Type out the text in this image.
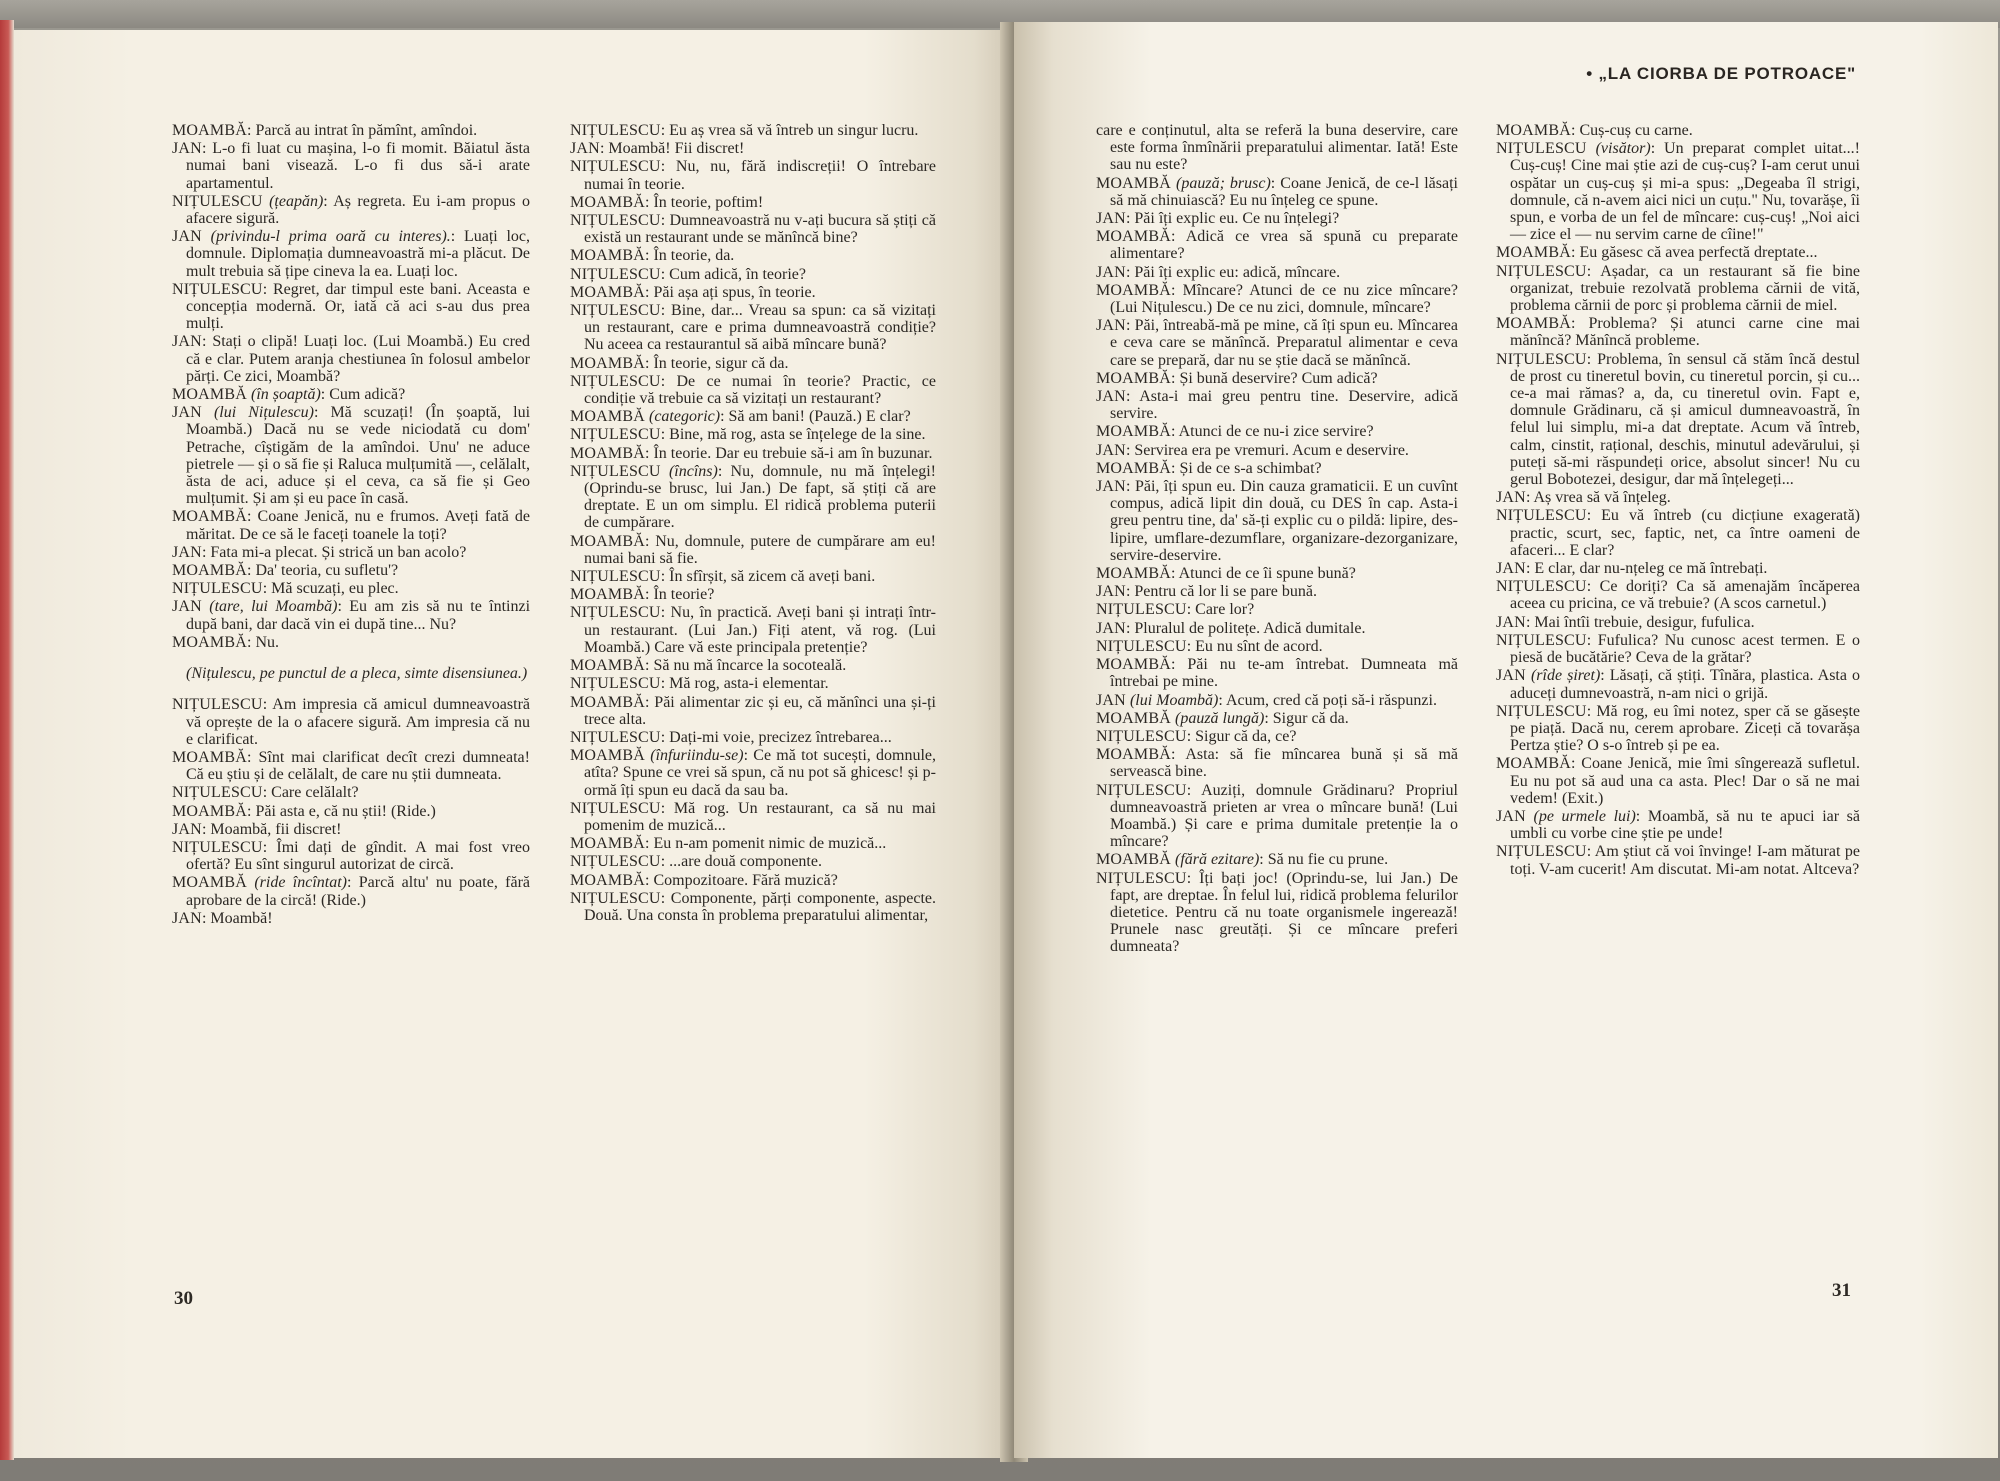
MOAMBĂ: Parcă au intrat în pămînt, amîndoi.

JAN: L-o fi luat cu mașina, l-o fi momit. Băiatul ăsta numai bani visează. L-o fi dus să-i arate apartamentul.

NIȚULESCU (țeapăn): Aș regreta. Eu i-am propus o afacere sigură.

JAN (privindu-l prima oară cu interes).: Luați loc, domnule. Diplomația dumneavoastră mi-a plăcut. De mult trebuia să țipe cineva la ea. Luați loc.

NIȚULESCU: Regret, dar timpul este bani. Aceasta e concepția modernă. Or, iată că aci s-au dus prea mulți.

JAN: Stați o clipă! Luați loc. (Lui Moambă.) Eu cred că e clar. Putem aranja chestiunea în folosul ambelor părți. Ce zici, Moambă?

MOAMBĂ (în șoaptă): Cum adică?

JAN (lui Nițulescu): Mă scuzați! (În șoaptă, lui Moambă.) Dacă nu se vede niciodată cu dom' Petrache, cîștigăm de la amîndoi. Unu' ne aduce pietrele — și o să fie și Raluca mulțumită —, celălalt, ăsta de aci, aduce și el ceva, ca să fie și Geo mulțumit. Și am și eu pace în casă.

MOAMBĂ: Coane Jenică, nu e frumos. Aveți fată de măritat. De ce să le faceți toanele la toți?

JAN: Fata mi-a plecat. Și strică un ban acolo?

MOAMBĂ: Da' teoria, cu sufletu'?

NIȚULESCU: Mă scuzați, eu plec.

JAN (tare, lui Moambă): Eu am zis să nu te întinzi după bani, dar dacă vin ei după tine... Nu?

MOAMBĂ: Nu.

(Nițulescu, pe punctul de a pleca, simte disensiunea.)

NIȚULESCU: Am impresia că amicul dumneavoastră vă oprește de la o afacere sigură. Am impresia că nu e clarificat.

MOAMBĂ: Sînt mai clarificat decît crezi dumneata! Că eu știu și de celălalt, de care nu știi dumneata.

NIȚULESCU: Care celălalt?

MOAMBĂ: Păi asta e, că nu știi! (Ride.)

JAN: Moambă, fii discret!

NIȚULESCU: Îmi dați de gîndit. A mai fost vreo ofertă? Eu sînt singurul autorizat de circă.

MOAMBĂ (ride încîntat): Parcă altu' nu poate, fără aprobare de la circă! (Ride.)

JAN: Moambă!

NIȚULESCU: Eu aș vrea să vă întreb un singur lucru.

JAN: Moambă! Fii discret!

NIȚULESCU: Nu, nu, fără indiscreții! O întrebare numai în teorie.

MOAMBĂ: În teorie, poftim!

NIȚULESCU: Dumneavoastră nu v-ați bucura să știți că există un restaurant unde se mănîncă bine?

MOAMBĂ: În teorie, da.

NIȚULESCU: Cum adică, în teorie?

MOAMBĂ: Păi așa ați spus, în teorie.

NIȚULESCU: Bine, dar... Vreau sa spun: ca să vizitați un restaurant, care e prima dumneavoastră condiție? Nu aceea ca restaurantul să aibă mîncare bună?

MOAMBĂ: În teorie, sigur că da.

NIȚULESCU: De ce numai în teorie? Practic, ce condiție vă trebuie ca să vizitați un restaurant?

MOAMBĂ (categoric): Să am bani! (Pauză.) E clar?

NIȚULESCU: Bine, mă rog, asta se înțelege de la sine.

MOAMBĂ: În teorie. Dar eu trebuie să-i am în buzunar.

NIȚULESCU (încîns): Nu, domnule, nu mă înțelegi! (Oprindu-se brusc, lui Jan.) De fapt, să știți că are dreptate. E un om simplu. El ridică problema puterii de cumpărare.

MOAMBĂ: Nu, domnule, putere de cumpărare am eu! numai bani să fie.

NIȚULESCU: În sfîrșit, să zicem că aveți bani.

MOAMBĂ: În teorie?

NIȚULESCU: Nu, în practică. Aveți bani și intrați într-un restaurant. (Lui Jan.) Fiți atent, vă rog. (Lui Moambă.) Care vă este principala pretenție?

MOAMBĂ: Să nu mă încarce la socoteală.

NIȚULESCU: Mă rog, asta-i elementar.

MOAMBĂ: Păi alimentar zic și eu, că mănînci una și-ți trece alta.

NIȚULESCU: Dați-mi voie, precizez întrebarea...

MOAMBĂ (înfuriindu-se): Ce mă tot sucești, domnule, atîta? Spune ce vrei să spun, că nu pot să ghicesc! și p-ormă îți spun eu dacă da sau ba.

NIȚULESCU: Mă rog. Un restaurant, ca să nu mai pomenim de muzică...

MOAMBĂ: Eu n-am pomenit nimic de muzică...

NIȚULESCU: ...are două componente.

MOAMBĂ: Compozitoare. Fără muzică?

NIȚULESCU: Componente, părți componente, aspecte. Două. Una consta în problema preparatului alimentar,

30
• „LA CIORBA DE POTROACE"

care e conținutul, alta se referă la buna deservire, care este forma înmînării preparatului alimentar. Iată! Este sau nu este?

MOAMBĂ (pauză; brusc): Coane Jenică, de ce-l lăsați să mă chinuiască? Eu nu înțeleg ce spune.

JAN: Păi îți explic eu. Ce nu înțelegi?

MOAMBĂ: Adică ce vrea să spună cu preparate alimentare?

JAN: Păi îți explic eu: adică, mîncare.

MOAMBĂ: Mîncare? Atunci de ce nu zice mîncare? (Lui Nițulescu.) De ce nu zici, domnule, mîncare?

JAN: Păi, întreabă-mă pe mine, că îți spun eu. Mîncarea e ceva care se mănîncă. Preparatul alimentar e ceva care se prepară, dar nu se știe dacă se mănîncă.

MOAMBĂ: Și bună deservire? Cum adică?

JAN: Asta-i mai greu pentru tine. Deservire, adică servire.

MOAMBĂ: Atunci de ce nu-i zice servire?

JAN: Servirea era pe vremuri. Acum e deservire.

MOAMBĂ: Și de ce s-a schimbat?

JAN: Păi, îți spun eu. Din cauza gramaticii. E un cuvînt compus, adică lipit din două, cu DES în cap. Asta-i greu pentru tine, da' să-ți explic cu o pildă: lipire, des-lipire, umflare-dezumflare, organizare-dezorganizare, servire-deservire.

MOAMBĂ: Atunci de ce îi spune bună?

JAN: Pentru că lor li se pare bună.

NIȚULESCU: Care lor?

JAN: Pluralul de politețe. Adică dumitale.

NIȚULESCU: Eu nu sînt de acord.

MOAMBĂ: Păi nu te-am întrebat. Dumneata mă întrebai pe mine.

JAN (lui Moambă): Acum, cred că poți să-i răspunzi.

MOAMBĂ (pauză lungă): Sigur că da.

NIȚULESCU: Sigur că da, ce?

MOAMBĂ: Asta: să fie mîncarea bună și să mă servească bine.

NIȚULESCU: Auziți, domnule Grădinaru? Propriul dumneavoastră prieten ar vrea o mîncare bună! (Lui Moambă.) Și care e prima dumitale pretenție la o mîncare?

MOAMBĂ (fără ezitare): Să nu fie cu prune.

NIȚULESCU: Îți bați joc! (Oprindu-se, lui Jan.) De fapt, are dreptae. În felul lui, ridică problema felurilor dietetice. Pentru că nu toate organismele ingerează! Prunele nasc greutăți. Și ce mîncare preferi dumneata?

MOAMBĂ: Cuș-cuș cu carne.

NIȚULESCU (visător): Un preparat complet uitat...! Cuș-cuș! Cine mai știe azi de cuș-cuș? I-am cerut unui ospătar un cuș-cuș și mi-a spus: „Degeaba îl strigi, domnule, că n-avem aici nici un cuțu." Nu, tovarășe, îi spun, e vorba de un fel de mîncare: cuș-cuș! „Noi aici — zice el — nu servim carne de cîine!"

MOAMBĂ: Eu găsesc că avea perfectă dreptate...

NIȚULESCU: Așadar, ca un restaurant să fie bine organizat, trebuie rezolvată problema cărnii de vită, problema cărnii de porc și problema cărnii de miel.

MOAMBĂ: Problema? Și atunci carne cine mai mănîncă? Mănîncă probleme.

NIȚULESCU: Problema, în sensul că stăm încă destul de prost cu tineretul bovin, cu tineretul porcin, și cu... ce-a mai rămas? a, da, cu tineretul ovin. Fapt e, domnule Grădinaru, că și amicul dumneavoastră, în felul lui simplu, mi-a dat dreptate. Acum vă întreb, calm, cinstit, rațional, deschis, minutul adevărului, și puteți să-mi răspundeți orice, absolut sincer! Nu cu gerul Bobotezei, desigur, dar mă înțelegeți...

JAN: Aș vrea să vă înțeleg.

NIȚULESCU: Eu vă întreb (cu dicțiune exagerată) practic, scurt, sec, faptic, net, ca între oameni de afaceri... E clar?

JAN: E clar, dar nu-nțeleg ce mă întrebați.

NIȚULESCU: Ce doriți? Ca să amenajăm încăperea aceea cu pricina, ce vă trebuie? (A scos carnetul.)

JAN: Mai întîi trebuie, desigur, fufulica.

NIȚULESCU: Fufulica? Nu cunosc acest termen. E o piesă de bucătărie? Ceva de la grătar?

JAN (rîde șiret): Lăsați, că știți. Tînăra, plastica. Asta o aduceți dumnevoastră, n-am nici o grijă.

NIȚULESCU: Mă rog, eu îmi notez, sper că se găsește pe piață. Dacă nu, cerem aprobare. Ziceți că tovarășa Pertza știe? O s-o întreb și pe ea.

MOAMBĂ: Coane Jenică, mie îmi sîngerează sufletul. Eu nu pot să aud una ca asta. Plec! Dar o să ne mai vedem! (Exit.)

JAN (pe urmele lui): Moambă, să nu te apuci iar să umbli cu vorbe cine știe pe unde!

NIȚULESCU: Am știut că voi învinge! I-am măturat pe toți. V-am cucerit! Am discutat. Mi-am notat. Altceva?

31
